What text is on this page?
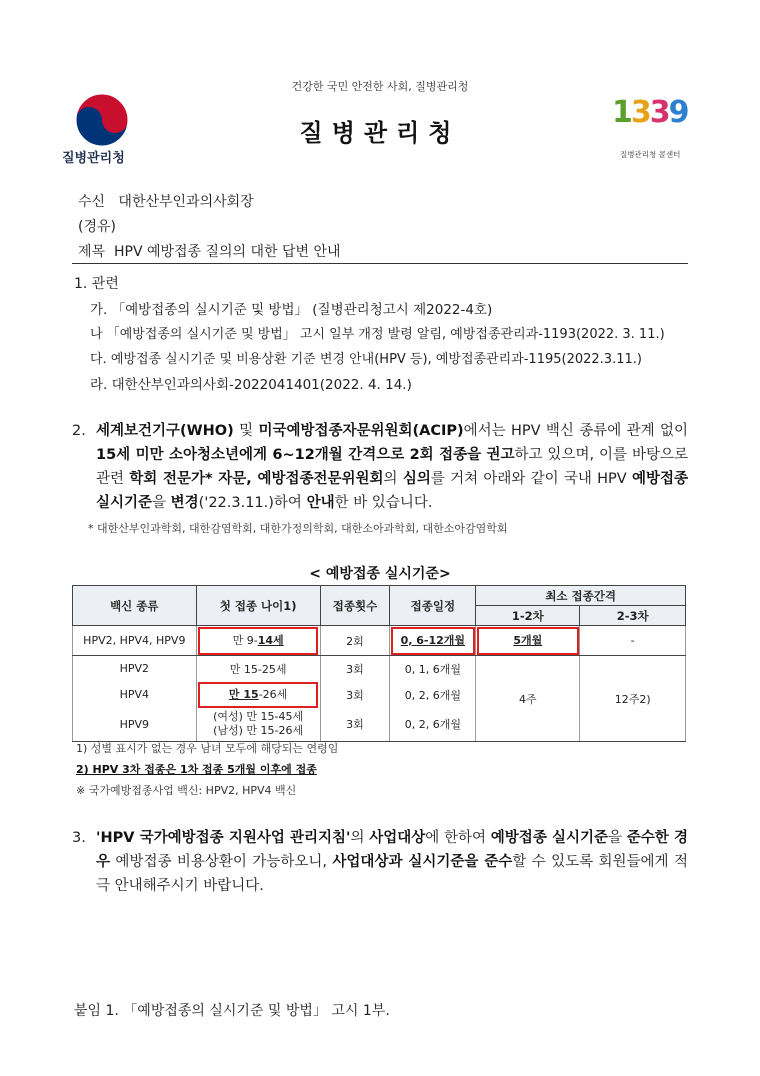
건강한 국민 안전한 사회, 질병관리청
질병관리청
질병관리청
1339
질병관리청 콜센터
수신 대한산부인과의사회장
(경유)
제목 HPV 예방접종 질의의 대한 답변 안내
1. 관련
가. 「예방접종의 실시기준 및 방법」 (질병관리청고시 제2022-4호)
나 「예방접종의 실시기준 및 방법」 고시 일부 개정 발령 알림, 예방접종관리과-1193(2022. 3. 11.)
다. 예방접종 실시기준 및 비용상환 기준 변경 안내(HPV 등), 예방접종관리과-1195(2022.3.11.)
라. 대한산부인과의사회-2022041401(2022. 4. 14.)
2. 세계보건기구(WHO) 및 미국예방접종자문위원회(ACIP)에서는 HPV 백신 종류에 관계 없이 15세 미만 소아청소년에게 6~12개월 간격으로 2회 접종을 권고하고 있으며, 이를 바탕으로 관련 학회 전문가* 자문, 예방접종전문위원회의 심의를 거쳐 아래와 같이 국내 HPV 예방접종 실시기준을 변경('22.3.11.)하여 안내한 바 있습니다.
* 대한산부인과학회, 대한감염학회, 대한가정의학회, 대한소아과학회, 대한소아감염학회
< 예방접종 실시기준>
백신 종류	첫 접종 나이1)	접종횟수	접종일정	최소 접종간격	
				1-2차	2-3차
HPV2, HPV4, HPV9	만 9-14세	2회	0, 6-12개월	5개월	-
HPV2	만 15-25세	3회	0, 1, 6개월	4주	12주2)
HPV4	만 15-26세	3회	0, 2, 6개월		
HPV9	(여성) 만 15-45세
(남성) 만 15-26세	3회	0, 2, 6개월		
1) 성별 표시가 없는 경우 남녀 모두에 해당되는 연령임
2) HPV 3차 접종은 1차 접종 5개월 이후에 접종
※ 국가예방접종사업 백신: HPV2, HPV4 백신
3. 'HPV 국가예방접종 지원사업 관리지침'의 사업대상에 한하여 예방접종 실시기준을 준수한 경우 예방접종 비용상환이 가능하오니, 사업대상과 실시기준을 준수할 수 있도록 회원들에게 적극 안내해주시기 바랍니다.
붙임 1. 「예방접종의 실시기준 및 방법」 고시 1부.
